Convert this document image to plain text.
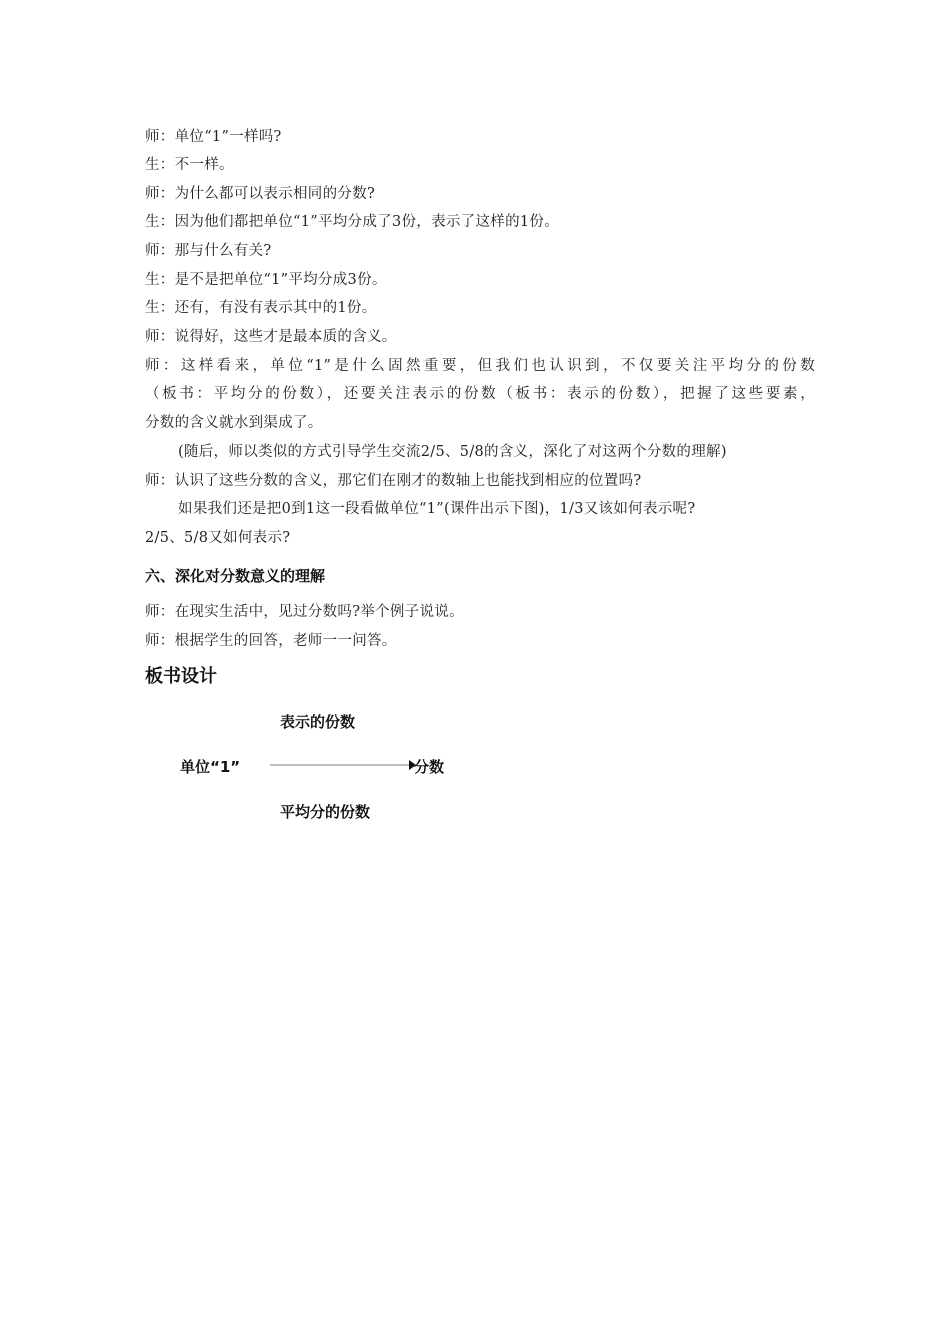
师：单位“1”一样吗?
生：不一样。
师：为什么都可以表示相同的分数?
生：因为他们都把单位“1”平均分成了3份，表示了这样的1份。
师：那与什么有关?
生：是不是把单位“1”平均分成3份。
生：还有，有没有表示其中的1份。
师：说得好，这些才是最本质的含义。
师：这样看来，单位“1”是什么固然重要，但我们也认识到，不仅要关注平均分的份数
（板书：平均分的份数），还要关注表示的份数（板书：表示的份数），把握了这些要素，
分数的含义就水到渠成了。
(随后，师以类似的方式引导学生交流2/5、5/8的含义，深化了对这两个分数的理解)
师：认识了这些分数的含义，那它们在刚才的数轴上也能找到相应的位置吗?
如果我们还是把0到1这一段看做单位“1”(课件出示下图)，1/3又该如何表示呢?
2/5、5/8又如何表示?
六、深化对分数意义的理解
师：在现实生活中，见过分数吗?举个例子说说。
师：根据学生的回答，老师一一问答。
板书设计
表示的份数
单位“1”	分数
平均分的份数
